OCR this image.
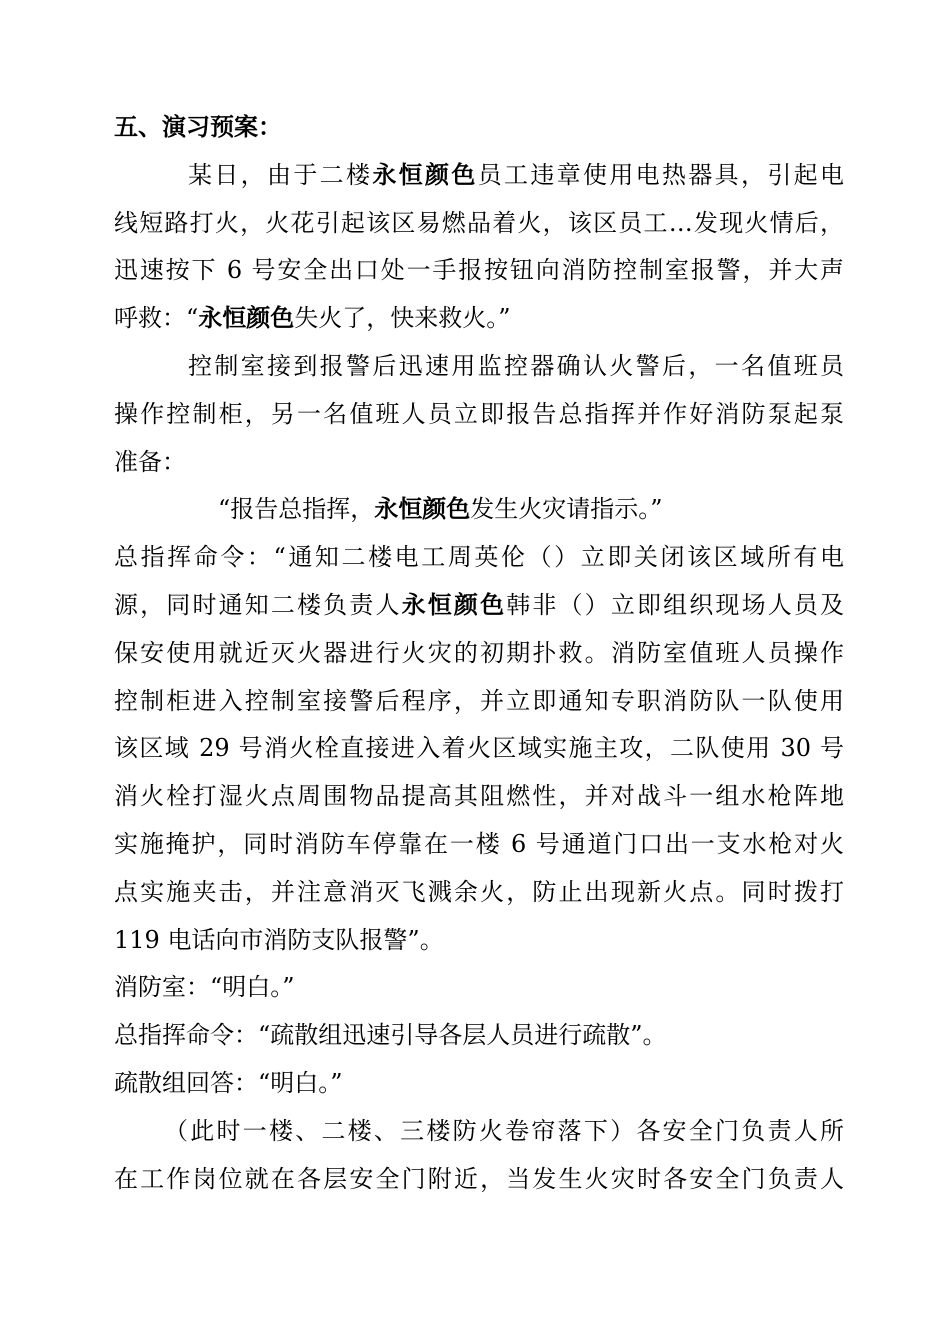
五、演习预案：
某日，由于二楼永恒颜色员工违章使用电热器具，引起电
线短路打火，火花引起该区易燃品着火，该区员工…发现火情后，
迅速按下 6 号安全出口处一手报按钮向消防控制室报警，并大声
呼救：“永恒颜色失火了，快来救火。”
控制室接到报警后迅速用监控器确认火警后，一名值班员
操作控制柜，另一名值班人员立即报告总指挥并作好消防泵起泵
准备：
“报告总指挥，永恒颜色发生火灾请指示。”
总指挥命令：“通知二楼电工周英伦（）立即关闭该区域所有电
源，同时通知二楼负责人永恒颜色韩非（）立即组织现场人员及
保安使用就近灭火器进行火灾的初期扑救。消防室值班人员操作
控制柜进入控制室接警后程序，并立即通知专职消防队一队使用
该区域 29 号消火栓直接进入着火区域实施主攻，二队使用 30 号
消火栓打湿火点周围物品提高其阻燃性，并对战斗一组水枪阵地
实施掩护，同时消防车停靠在一楼 6 号通道门口出一支水枪对火
点实施夹击，并注意消灭飞溅余火，防止出现新火点。同时拨打
119 电话向市消防支队报警”。
消防室：“明白。”
总指挥命令：“疏散组迅速引导各层人员进行疏散”。
疏散组回答：“明白。”
（此时一楼、二楼、三楼防火卷帘落下）各安全门负责人所
在工作岗位就在各层安全门附近，当发生火灾时各安全门负责人
